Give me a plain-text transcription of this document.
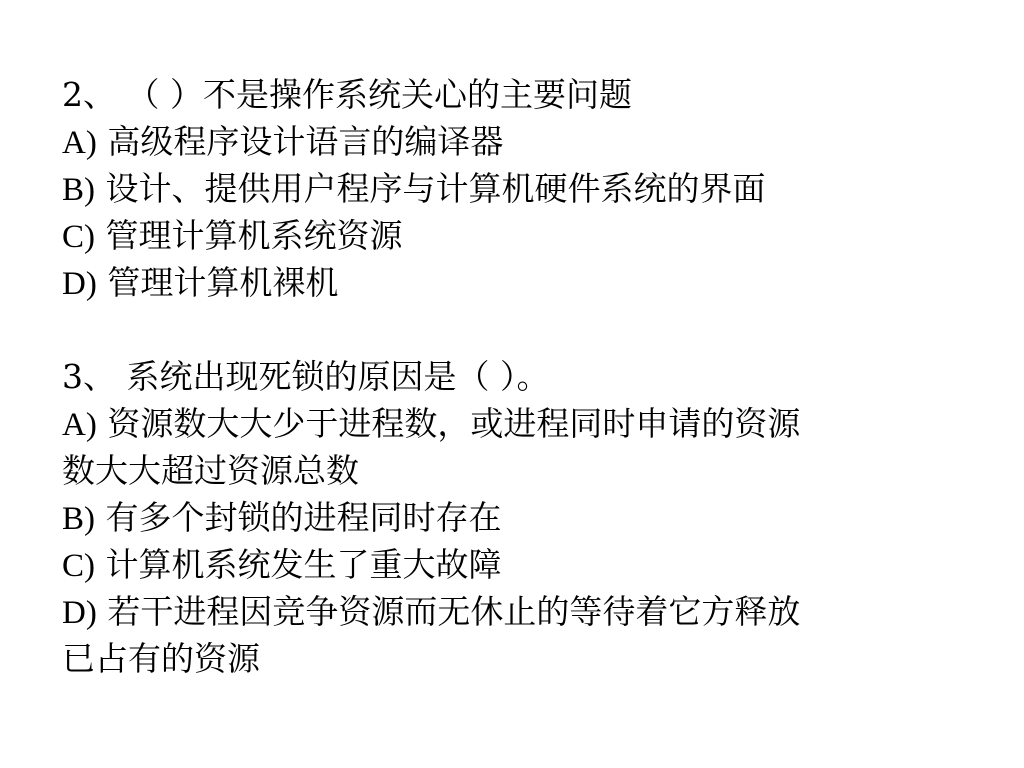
2、 （ ）不是操作系统关心的主要问题
A) 高级程序设计语言的编译器
B) 设计、提供用户程序与计算机硬件系统的界面
C) 管理计算机系统资源
D) 管理计算机裸机
3、 系统出现死锁的原因是（ ）。
A) 资源数大大少于进程数，或进程同时申请的资源
数大大超过资源总数
B) 有多个封锁的进程同时存在
C) 计算机系统发生了重大故障
D) 若干进程因竞争资源而无休止的等待着它方释放
已占有的资源
